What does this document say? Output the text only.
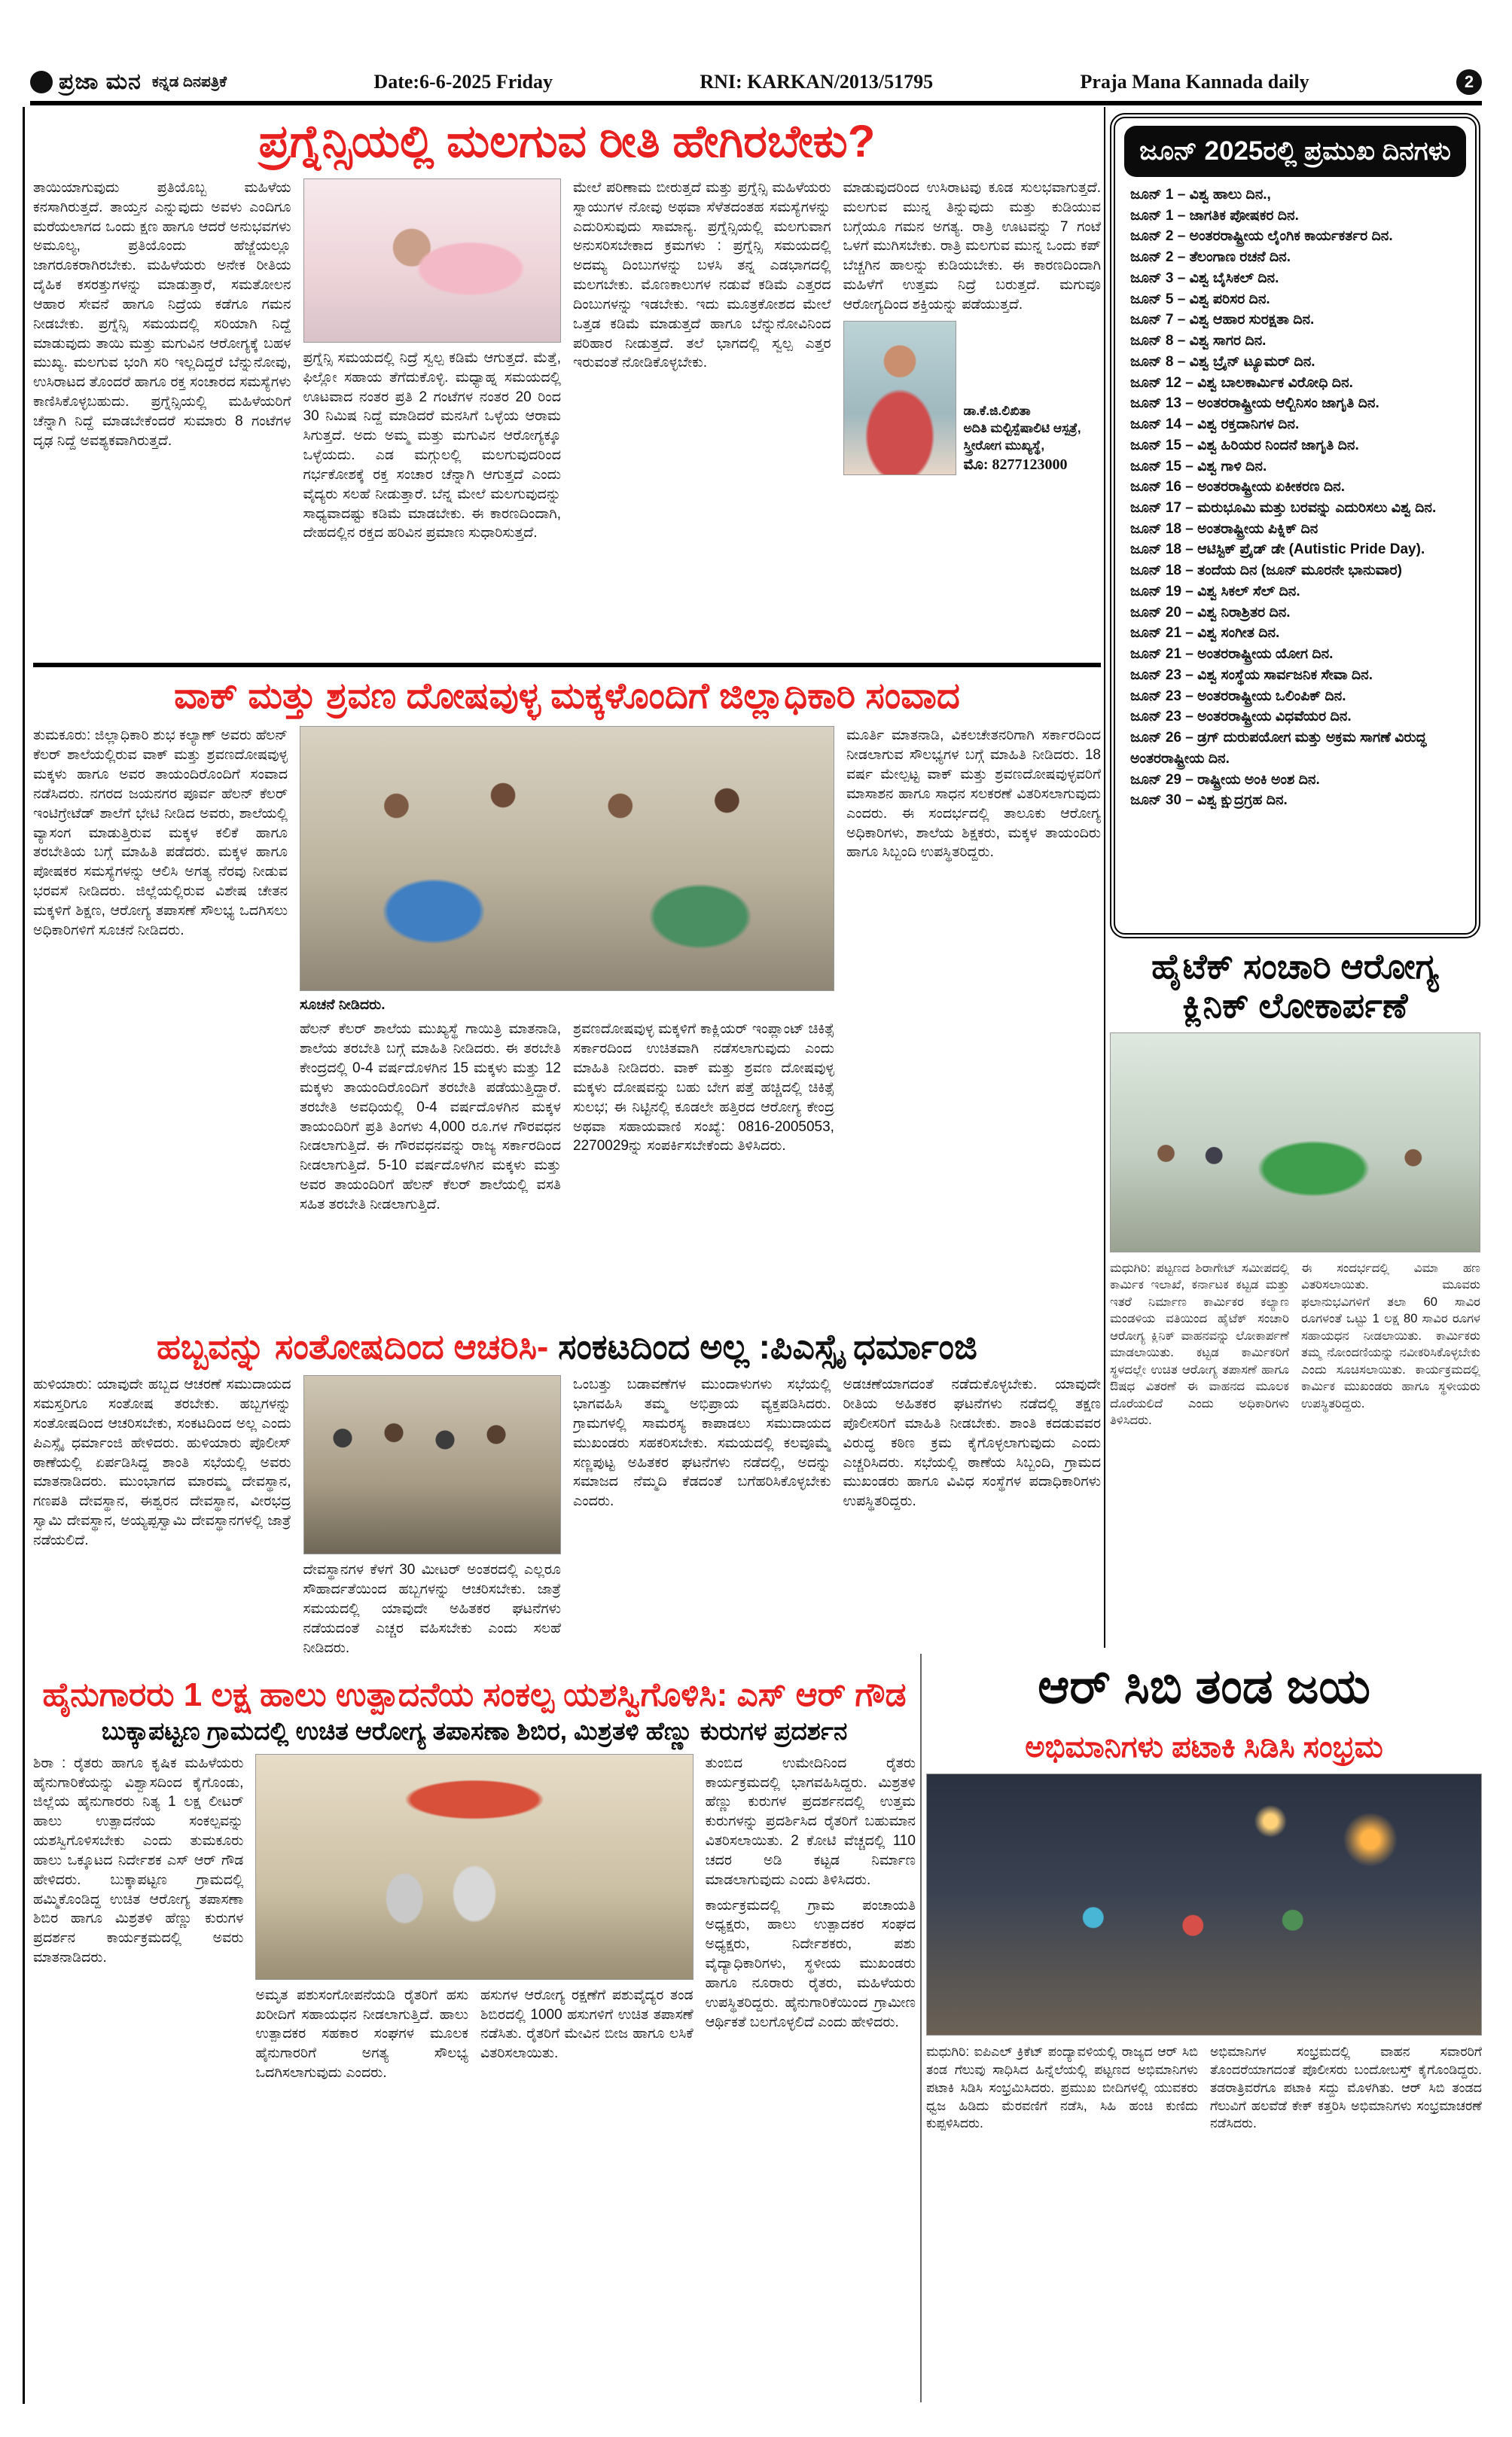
ಪ್ರಜಾ ಮನ ಕನ್ನಡ ದಿನಪತ್ರಿಕೆ	Date:6-6-2025 Friday	RNI: KARKAN/2013/51795	Praja Mana Kannada daily	2
ಪ್ರಗ್ನೆನ್ಸಿಯಲ್ಲಿ ಮಲಗುವ ರೀತಿ ಹೇಗಿರಬೇಕು?

ತಾಯಿಯಾಗುವುದು ಪ್ರತಿಯೊಬ್ಬ ಮಹಿಳೆಯ ಕನಸಾಗಿರುತ್ತದೆ. ತಾಯ್ತನ ಎನ್ನುವುದು ಅವಳು ಎಂದಿಗೂ ಮರೆಯಲಾಗದ ಒಂದು ಕ್ಷಣ ಹಾಗೂ ಆದರೆ ಅನುಭವಗಳು ಅಮೂಲ್ಯ, ಪ್ರತಿಯೊಂದು ಹೆಜ್ಜೆಯಲ್ಲೂ ಜಾಗರೂಕರಾಗಿರಬೇಕು. ಮಹಿಳೆಯರು ಅನೇಕ ರೀತಿಯ ದೈಹಿಕ ಕಸರತ್ತುಗಳನ್ನು ಮಾಡುತ್ತಾರೆ, ಸಮತೋಲನ ಆಹಾರ ಸೇವನೆ ಹಾಗೂ ನಿದ್ರೆಯ ಕಡೆಗೂ ಗಮನ ನೀಡಬೇಕು. ಪ್ರಗ್ನೆನ್ಸಿ ಸಮಯದಲ್ಲಿ ಸರಿಯಾಗಿ ನಿದ್ದೆ ಮಾಡುವುದು ತಾಯಿ ಮತ್ತು ಮಗುವಿನ ಆರೋಗ್ಯಕ್ಕೆ ಬಹಳ ಮುಖ್ಯ. ಮಲಗುವ ಭಂಗಿ ಸರಿ ಇಲ್ಲದಿದ್ದರೆ ಬೆನ್ನುನೋವು, ಉಸಿರಾಟದ ತೊಂದರೆ ಹಾಗೂ ರಕ್ತ ಸಂಚಾರದ ಸಮಸ್ಯೆಗಳು ಕಾಣಿಸಿಕೊಳ್ಳಬಹುದು. ಪ್ರಗ್ನೆನ್ಸಿಯಲ್ಲಿ ಮಹಿಳೆಯರಿಗೆ ಚೆನ್ನಾಗಿ ನಿದ್ದೆ ಮಾಡಬೇಕೆಂದರೆ ಸುಮಾರು 8 ಗಂಟೆಗಳ ದೃಢ ನಿದ್ದೆ ಅವಶ್ಯಕವಾಗಿರುತ್ತದೆ.

ಪ್ರಗ್ನೆನ್ಸಿ ಸಮಯದಲ್ಲಿ ನಿದ್ರೆ ಸ್ವಲ್ಪ ಕಡಿಮೆ ಆಗುತ್ತದೆ. ಮೆತ್ತೆ, ಫಿಲ್ಲೋ ಸಹಾಯ ತೆಗೆದುಕೊಳ್ಳಿ. ಮಧ್ಯಾಹ್ನ ಸಮಯದಲ್ಲಿ ಊಟವಾದ ನಂತರ ಪ್ರತಿ 2 ಗಂಟೆಗಳ ನಂತರ 20 ರಿಂದ 30 ನಿಮಿಷ ನಿದ್ದೆ ಮಾಡಿದರೆ ಮನಸಿಗೆ ಒಳ್ಳೆಯ ಆರಾಮ ಸಿಗುತ್ತದೆ. ಅದು ಅಮ್ಮ ಮತ್ತು ಮಗುವಿನ ಆರೋಗ್ಯಕ್ಕೂ ಒಳ್ಳೆಯದು. ಎಡ ಮಗ್ಗುಲಲ್ಲಿ ಮಲಗುವುದರಿಂದ ಗರ್ಭಕೋಶಕ್ಕೆ ರಕ್ತ ಸಂಚಾರ ಚೆನ್ನಾಗಿ ಆಗುತ್ತದೆ ಎಂದು ವೈದ್ಯರು ಸಲಹೆ ನೀಡುತ್ತಾರೆ. ಬೆನ್ನ ಮೇಲೆ ಮಲಗುವುದನ್ನು ಸಾಧ್ಯವಾದಷ್ಟು ಕಡಿಮೆ ಮಾಡಬೇಕು. ಈ ಕಾರಣದಿಂದಾಗಿ, ದೇಹದಲ್ಲಿನ ರಕ್ತದ ಹರಿವಿನ ಪ್ರಮಾಣ ಸುಧಾರಿಸುತ್ತದೆ.

ಮೇಲೆ ಪರಿಣಾಮ ಬೀರುತ್ತದೆ ಮತ್ತು ಪ್ರಗ್ನೆನ್ಸಿ ಮಹಿಳೆಯರು ಸ್ನಾಯುಗಳ ನೋವು ಅಥವಾ ಸೆಳೆತದಂತಹ ಸಮಸ್ಯೆಗಳನ್ನು ಎದುರಿಸುವುದು ಸಾಮಾನ್ಯ. ಪ್ರಗ್ನೆನ್ಸಿಯಲ್ಲಿ ಮಲಗುವಾಗ ಅನುಸರಿಸಬೇಕಾದ ಕ್ರಮಗಳು : ಪ್ರಗ್ನೆನ್ಸಿ ಸಮಯದಲ್ಲಿ ಅದಮ್ಯ ದಿಂಬುಗಳನ್ನು ಬಳಸಿ ತನ್ನ ಎಡಭಾಗದಲ್ಲಿ ಮಲಗಬೇಕು. ಮೊಣಕಾಲುಗಳ ನಡುವೆ ಕಡಿಮೆ ಎತ್ತರದ ದಿಂಬುಗಳನ್ನು ಇಡಬೇಕು. ಇದು ಮೂತ್ರಕೋಶದ ಮೇಲೆ ಒತ್ತಡ ಕಡಿಮೆ ಮಾಡುತ್ತದೆ ಹಾಗೂ ಬೆನ್ನುನೋವಿನಿಂದ ಪರಿಹಾರ ನೀಡುತ್ತದೆ. ತಲೆ ಭಾಗದಲ್ಲಿ ಸ್ವಲ್ಪ ಎತ್ತರ ಇರುವಂತೆ ನೋಡಿಕೊಳ್ಳಬೇಕು.

ಮಾಡುವುದರಿಂದ ಉಸಿರಾಟವು ಕೂಡ ಸುಲಭವಾಗುತ್ತದೆ. ಮಲಗುವ ಮುನ್ನ ತಿನ್ನುವುದು ಮತ್ತು ಕುಡಿಯುವ ಬಗ್ಗೆಯೂ ಗಮನ ಅಗತ್ಯ. ರಾತ್ರಿ ಊಟವನ್ನು 7 ಗಂಟೆ ಒಳಗೆ ಮುಗಿಸಬೇಕು. ರಾತ್ರಿ ಮಲಗುವ ಮುನ್ನ ಒಂದು ಕಪ್ ಬೆಚ್ಚಗಿನ ಹಾಲನ್ನು ಕುಡಿಯಬೇಕು. ಈ ಕಾರಣದಿಂದಾಗಿ ಮಹಿಳೆಗೆ ಉತ್ತಮ ನಿದ್ರೆ ಬರುತ್ತದೆ. ಮಗುವೂ ಆರೋಗ್ಯದಿಂದ ಶಕ್ತಿಯನ್ನು ಪಡೆಯುತ್ತದೆ.

ಡಾ.ಕೆ.ಜಿ.ಲಿಖಿತಾ
ಅದಿತಿ ಮಲ್ಟಿಸ್ಪೆಷಾಲಿಟಿ ಆಸ್ಪತ್ರೆ,
ಸ್ತ್ರೀರೋಗ ಮುಖ್ಯಸ್ಥೆ,
ಮೊ: 8277123000
ಜೂನ್ 2025ರಲ್ಲಿ ಪ್ರಮುಖ ದಿನಗಳು
ಜೂನ್ 1 – ವಿಶ್ವ ಹಾಲು ದಿನ.,
ಜೂನ್ 1 – ಜಾಗತಿಕ ಪೋಷಕರ ದಿನ.
ಜೂನ್ 2 – ಅಂತರರಾಷ್ಟ್ರೀಯ ಲೈಂಗಿಕ ಕಾರ್ಯಕರ್ತರ ದಿನ.
ಜೂನ್ 2 – ತೆಲಂಗಾಣ ರಚನೆ ದಿನ.
ಜೂನ್ 3 – ವಿಶ್ವ ಬೈಸಿಕಲ್ ದಿನ.
ಜೂನ್ 5 – ವಿಶ್ವ ಪರಿಸರ ದಿನ.
ಜೂನ್ 7 – ವಿಶ್ವ ಆಹಾರ ಸುರಕ್ಷತಾ ದಿನ.
ಜೂನ್ 8 – ವಿಶ್ವ ಸಾಗರ ದಿನ.
ಜೂನ್ 8 – ವಿಶ್ವ ಬ್ರೈನ್ ಟ್ಯೂಮರ್ ದಿನ.
ಜೂನ್ 12 – ವಿಶ್ವ ಬಾಲಕಾರ್ಮಿಕ ವಿರೋಧಿ ದಿನ.
ಜೂನ್ 13 – ಅಂತರರಾಷ್ಟ್ರೀಯ ಆಲ್ಬಿನಿಸಂ ಜಾಗೃತಿ ದಿನ.
ಜೂನ್ 14 – ವಿಶ್ವ ರಕ್ತದಾನಿಗಳ ದಿನ.
ಜೂನ್ 15 – ವಿಶ್ವ ಹಿರಿಯರ ನಿಂದನೆ ಜಾಗೃತಿ ದಿನ.
ಜೂನ್ 15 – ವಿಶ್ವ ಗಾಳಿ ದಿನ.
ಜೂನ್ 16 – ಅಂತರರಾಷ್ಟ್ರೀಯ ಏಕೀಕರಣ ದಿನ.
ಜೂನ್ 17 – ಮರುಭೂಮಿ ಮತ್ತು ಬರವನ್ನು ಎದುರಿಸಲು ವಿಶ್ವ ದಿನ.
ಜೂನ್ 18 – ಅಂತರಾಷ್ಟ್ರೀಯ ಪಿಕ್ನಿಕ್ ದಿನ
ಜೂನ್ 18 – ಆಟಿಸ್ಟಿಕ್ ಪ್ರೈಡ್ ಡೇ (Autistic Pride Day).
ಜೂನ್ 18 – ತಂದೆಯ ದಿನ (ಜೂನ್ ಮೂರನೇ ಭಾನುವಾರ)
ಜೂನ್ 19 – ವಿಶ್ವ ಸಿಕಲ್ ಸೆಲ್ ದಿನ.
ಜೂನ್ 20 – ವಿಶ್ವ ನಿರಾಶ್ರಿತರ ದಿನ.
ಜೂನ್ 21 – ವಿಶ್ವ ಸಂಗೀತ ದಿನ.
ಜೂನ್ 21 – ಅಂತರರಾಷ್ಟ್ರೀಯ ಯೋಗ ದಿನ.
ಜೂನ್ 23 – ವಿಶ್ವ ಸಂಸ್ಥೆಯ ಸಾರ್ವಜನಿಕ ಸೇವಾ ದಿನ.
ಜೂನ್ 23 – ಅಂತರರಾಷ್ಟ್ರೀಯ ಒಲಿಂಪಿಕ್ ದಿನ.
ಜೂನ್ 23 – ಅಂತರರಾಷ್ಟ್ರೀಯ ವಿಧವೆಯರ ದಿನ.
ಜೂನ್ 26 – ಡ್ರಗ್ ದುರುಪಯೋಗ ಮತ್ತು ಅಕ್ರಮ ಸಾಗಣೆ ವಿರುದ್ಧ ಅಂತರರಾಷ್ಟ್ರೀಯ ದಿನ.
ಜೂನ್ 29 – ರಾಷ್ಟ್ರೀಯ ಅಂಕಿ ಅಂಶ ದಿನ.
ಜೂನ್ 30 – ವಿಶ್ವ ಕ್ಷುದ್ರಗ್ರಹ ದಿನ.
ವಾಕ್ ಮತ್ತು ಶ್ರವಣ ದೋಷವುಳ್ಳ ಮಕ್ಕಳೊಂದಿಗೆ ಜಿಲ್ಲಾಧಿಕಾರಿ ಸಂವಾದ

ತುಮಕೂರು: ಜಿಲ್ಲಾಧಿಕಾರಿ ಶುಭ ಕಲ್ಯಾಣ್ ಅವರು ಹೆಲನ್ ಕೆಲರ್ ಶಾಲೆಯಲ್ಲಿರುವ ವಾಕ್ ಮತ್ತು ಶ್ರವಣದೋಷವುಳ್ಳ ಮಕ್ಕಳು ಹಾಗೂ ಅವರ ತಾಯಂದಿರೊಂದಿಗೆ ಸಂವಾದ ನಡೆಸಿದರು. ನಗರದ ಜಯನಗರ ಪೂರ್ವ ಹೆಲನ್ ಕೆಲರ್ ಇಂಟಿಗ್ರೇಟೆಡ್ ಶಾಲೆಗೆ ಭೇಟಿ ನೀಡಿದ ಅವರು, ಶಾಲೆಯಲ್ಲಿ ವ್ಯಾಸಂಗ ಮಾಡುತ್ತಿರುವ ಮಕ್ಕಳ ಕಲಿಕೆ ಹಾಗೂ ತರಬೇತಿಯ ಬಗ್ಗೆ ಮಾಹಿತಿ ಪಡೆದರು. ಮಕ್ಕಳ ಹಾಗೂ ಪೋಷಕರ ಸಮಸ್ಯೆಗಳನ್ನು ಆಲಿಸಿ ಅಗತ್ಯ ನೆರವು ನೀಡುವ ಭರವಸೆ ನೀಡಿದರು. ಜಿಲ್ಲೆಯಲ್ಲಿರುವ ವಿಶೇಷ ಚೇತನ ಮಕ್ಕಳಿಗೆ ಶಿಕ್ಷಣ, ಆರೋಗ್ಯ ತಪಾಸಣೆ ಸೌಲಭ್ಯ ಒದಗಿಸಲು ಅಧಿಕಾರಿಗಳಿಗೆ ಸೂಚನೆ ನೀಡಿದರು.

ಸೂಚನೆ ನೀಡಿದರು.

ಹೆಲನ್ ಕೆಲರ್ ಶಾಲೆಯ ಮುಖ್ಯಸ್ಥೆ ಗಾಯಿತ್ರಿ ಮಾತನಾಡಿ, ಶಾಲೆಯ ತರಬೇತಿ ಬಗ್ಗೆ ಮಾಹಿತಿ ನೀಡಿದರು. ಈ ತರಬೇತಿ ಕೇಂದ್ರದಲ್ಲಿ 0-4 ವರ್ಷದೊಳಗಿನ 15 ಮಕ್ಕಳು ಮತ್ತು 12 ಮಕ್ಕಳು ತಾಯಂದಿರೊಂದಿಗೆ ತರಬೇತಿ ಪಡೆಯುತ್ತಿದ್ದಾರೆ. ತರಬೇತಿ ಅವಧಿಯಲ್ಲಿ 0-4 ವರ್ಷದೊಳಗಿನ ಮಕ್ಕಳ ತಾಯಂದಿರಿಗೆ ಪ್ರತಿ ತಿಂಗಳು 4,000 ರೂ.ಗಳ ಗೌರವಧನ ನೀಡಲಾಗುತ್ತಿದೆ. ಈ ಗೌರವಧನವನ್ನು ರಾಜ್ಯ ಸರ್ಕಾರದಿಂದ ನೀಡಲಾಗುತ್ತಿದೆ. 5-10 ವರ್ಷದೊಳಗಿನ ಮಕ್ಕಳು ಮತ್ತು ಅವರ ತಾಯಂದಿರಿಗೆ ಹೆಲನ್ ಕೆಲರ್ ಶಾಲೆಯಲ್ಲಿ ವಸತಿ ಸಹಿತ ತರಬೇತಿ ನೀಡಲಾಗುತ್ತಿದೆ.

ಶ್ರವಣದೋಷವುಳ್ಳ ಮಕ್ಕಳಿಗೆ ಕಾಕ್ಲಿಯರ್ ಇಂಪ್ಲಾಂಟ್ ಚಿಕಿತ್ಸೆ ಸರ್ಕಾರದಿಂದ ಉಚಿತವಾಗಿ ನಡೆಸಲಾಗುವುದು ಎಂದು ಮಾಹಿತಿ ನೀಡಿದರು. ವಾಕ್ ಮತ್ತು ಶ್ರವಣ ದೋಷವುಳ್ಳ ಮಕ್ಕಳು ದೋಷವನ್ನು ಬಹು ಬೇಗ ಪತ್ತೆ ಹಚ್ಚಿದಲ್ಲಿ ಚಿಕಿತ್ಸೆ ಸುಲಭ; ಈ ನಿಟ್ಟಿನಲ್ಲಿ ಕೂಡಲೇ ಹತ್ತಿರದ ಆರೋಗ್ಯ ಕೇಂದ್ರ ಅಥವಾ ಸಹಾಯವಾಣಿ ಸಂಖ್ಯೆ: 0816-2005053, 2270029ನ್ನು ಸಂಪರ್ಕಿಸಬೇಕೆಂದು ತಿಳಿಸಿದರು.

ಮೂರ್ತಿ ಮಾತನಾಡಿ, ವಿಕಲಚೇತನರಿಗಾಗಿ ಸರ್ಕಾರದಿಂದ ನೀಡಲಾಗುವ ಸೌಲಭ್ಯಗಳ ಬಗ್ಗೆ ಮಾಹಿತಿ ನೀಡಿದರು. 18 ವರ್ಷ ಮೇಲ್ಪಟ್ಟ ವಾಕ್ ಮತ್ತು ಶ್ರವಣದೋಷವುಳ್ಳವರಿಗೆ ಮಾಸಾಶನ ಹಾಗೂ ಸಾಧನ ಸಲಕರಣೆ ವಿತರಿಸಲಾಗುವುದು ಎಂದರು. ಈ ಸಂದರ್ಭದಲ್ಲಿ ತಾಲೂಕು ಆರೋಗ್ಯ ಅಧಿಕಾರಿಗಳು, ಶಾಲೆಯ ಶಿಕ್ಷಕರು, ಮಕ್ಕಳ ತಾಯಂದಿರು ಹಾಗೂ ಸಿಬ್ಬಂದಿ ಉಪಸ್ಥಿತರಿದ್ದರು.

ಹೈಟೆಕ್ ಸಂಚಾರಿ ಆರೋಗ್ಯ
ಕ್ಲಿನಿಕ್ ಲೋಕಾರ್ಪಣೆ

ಮಧುಗಿರಿ: ಪಟ್ಟಣದ ಶಿರಾಗೇಟ್ ಸಮೀಪದಲ್ಲಿ ಕಾರ್ಮಿಕ ಇಲಾಖೆ, ಕರ್ನಾಟಕ ಕಟ್ಟಡ ಮತ್ತು ಇತರೆ ನಿರ್ಮಾಣ ಕಾರ್ಮಿಕರ ಕಲ್ಯಾಣ ಮಂಡಳಿಯ ವತಿಯಿಂದ ಹೈಟೆಕ್ ಸಂಚಾರಿ ಆರೋಗ್ಯ ಕ್ಲಿನಿಕ್ ವಾಹನವನ್ನು ಲೋಕಾರ್ಪಣೆ ಮಾಡಲಾಯಿತು. ಕಟ್ಟಡ ಕಾರ್ಮಿಕರಿಗೆ ಸ್ಥಳದಲ್ಲೇ ಉಚಿತ ಆರೋಗ್ಯ ತಪಾಸಣೆ ಹಾಗೂ ಔಷಧ ವಿತರಣೆ ಈ ವಾಹನದ ಮೂಲಕ ದೊರೆಯಲಿದೆ ಎಂದು ಅಧಿಕಾರಿಗಳು ತಿಳಿಸಿದರು.

ಈ ಸಂದರ್ಭದಲ್ಲಿ ವಿಮಾ ಹಣ ವಿತರಿಸಲಾಯಿತು. ಮೂವರು ಫಲಾನುಭವಿಗಳಿಗೆ ತಲಾ 60 ಸಾವಿರ ರೂಗಳಂತೆ ಒಟ್ಟು 1 ಲಕ್ಷ 80 ಸಾವಿರ ರೂಗಳ ಸಹಾಯಧನ ನೀಡಲಾಯಿತು. ಕಾರ್ಮಿಕರು ತಮ್ಮ ನೋಂದಣಿಯನ್ನು ನವೀಕರಿಸಿಕೊಳ್ಳಬೇಕು ಎಂದು ಸೂಚಿಸಲಾಯಿತು. ಕಾರ್ಯಕ್ರಮದಲ್ಲಿ ಕಾರ್ಮಿಕ ಮುಖಂಡರು ಹಾಗೂ ಸ್ಥಳೀಯರು ಉಪಸ್ಥಿತರಿದ್ದರು.

ಹಬ್ಬವನ್ನು ಸಂತೋಷದಿಂದ ಆಚರಿಸಿ- ಸಂಕಟದಿಂದ ಅಲ್ಲ :ಪಿಎಸ್ಸೈ ಧರ್ಮಾಂಜಿ

ಹುಳಿಯಾರು: ಯಾವುದೇ ಹಬ್ಬದ ಆಚರಣೆ ಸಮುದಾಯದ ಸಮಸ್ತರಿಗೂ ಸಂತೋಷ ತರಬೇಕು. ಹಬ್ಬಗಳನ್ನು ಸಂತೋಷದಿಂದ ಆಚರಿಸಬೇಕು, ಸಂಕಟದಿಂದ ಅಲ್ಲ ಎಂದು ಪಿಎಸ್ಸೈ ಧರ್ಮಾಂಜಿ ಹೇಳಿದರು. ಹುಳಿಯಾರು ಪೊಲೀಸ್ ಠಾಣೆಯಲ್ಲಿ ಏರ್ಪಡಿಸಿದ್ದ ಶಾಂತಿ ಸಭೆಯಲ್ಲಿ ಅವರು ಮಾತನಾಡಿದರು. ಮುಂಭಾಗದ ಮಾರಮ್ಮ ದೇವಸ್ಥಾನ, ಗಣಪತಿ ದೇವಸ್ಥಾನ, ಈಶ್ವರನ ದೇವಸ್ಥಾನ, ವೀರಭದ್ರ ಸ್ವಾಮಿ ದೇವಸ್ಥಾನ, ಅಯ್ಯಪ್ಪಸ್ವಾಮಿ ದೇವಸ್ಥಾನಗಳಲ್ಲಿ ಜಾತ್ರೆ ನಡೆಯಲಿದೆ.

ದೇವಸ್ಥಾನಗಳ ಕೆಳಗೆ 30 ಮೀಟರ್ ಅಂತರದಲ್ಲಿ ಎಲ್ಲರೂ ಸೌಹಾರ್ದತೆಯಿಂದ ಹಬ್ಬಗಳನ್ನು ಆಚರಿಸಬೇಕು. ಜಾತ್ರೆ ಸಮಯದಲ್ಲಿ ಯಾವುದೇ ಅಹಿತಕರ ಘಟನೆಗಳು ನಡೆಯದಂತೆ ಎಚ್ಚರ ವಹಿಸಬೇಕು ಎಂದು ಸಲಹೆ ನೀಡಿದರು.

ಒಂಬತ್ತು ಬಡಾವಣೆಗಳ ಮುಂದಾಳುಗಳು ಸಭೆಯಲ್ಲಿ ಭಾಗವಹಿಸಿ ತಮ್ಮ ಅಭಿಪ್ರಾಯ ವ್ಯಕ್ತಪಡಿಸಿದರು. ಗ್ರಾಮಗಳಲ್ಲಿ ಸಾಮರಸ್ಯ ಕಾಪಾಡಲು ಸಮುದಾಯದ ಮುಖಂಡರು ಸಹಕರಿಸಬೇಕು. ಸಮಯದಲ್ಲಿ ಕಲವೂಮ್ಮೆ ಸಣ್ಣಪುಟ್ಟ ಅಹಿತಕರ ಘಟನೆಗಳು ನಡೆದಲ್ಲಿ, ಅದನ್ನು ಸಮಾಜದ ನೆಮ್ಮದಿ ಕೆಡದಂತೆ ಬಗೆಹರಿಸಿಕೊಳ್ಳಬೇಕು ಎಂದರು.

ಅಡಚಣೆಯಾಗದಂತೆ ನಡೆದುಕೊಳ್ಳಬೇಕು. ಯಾವುದೇ ರೀತಿಯ ಅಹಿತಕರ ಘಟನೆಗಳು ನಡೆದಲ್ಲಿ ತಕ್ಷಣ ಪೊಲೀಸರಿಗೆ ಮಾಹಿತಿ ನೀಡಬೇಕು. ಶಾಂತಿ ಕದಡುವವರ ವಿರುದ್ಧ ಕಠಿಣ ಕ್ರಮ ಕೈಗೊಳ್ಳಲಾಗುವುದು ಎಂದು ಎಚ್ಚರಿಸಿದರು. ಸಭೆಯಲ್ಲಿ ಠಾಣೆಯ ಸಿಬ್ಬಂದಿ, ಗ್ರಾಮದ ಮುಖಂಡರು ಹಾಗೂ ವಿವಿಧ ಸಂಸ್ಥೆಗಳ ಪದಾಧಿಕಾರಿಗಳು ಉಪಸ್ಥಿತರಿದ್ದರು.

ಹೈನುಗಾರರು 1 ಲಕ್ಷ ಹಾಲು ಉತ್ಪಾದನೆಯ ಸಂಕಲ್ಪ ಯಶಸ್ವಿಗೊಳಿಸಿ: ಎಸ್ ಆರ್ ಗೌಡ
ಬುಕ್ಕಾಪಟ್ಟಣ ಗ್ರಾಮದಲ್ಲಿ ಉಚಿತ ಆರೋಗ್ಯ ತಪಾಸಣಾ ಶಿಬಿರ, ಮಿಶ್ರತಳಿ ಹೆಣ್ಣು ಕುರುಗಳ ಪ್ರದರ್ಶನ

ಶಿರಾ : ರೈತರು ಹಾಗೂ ಕೃಷಿಕ ಮಹಿಳೆಯರು ಹೈನುಗಾರಿಕೆಯನ್ನು ವಿಶ್ವಾಸದಿಂದ ಕೈಗೊಂಡು, ಜಿಲ್ಲೆಯ ಹೈನುಗಾರರು ನಿತ್ಯ 1 ಲಕ್ಷ ಲೀಟರ್ ಹಾಲು ಉತ್ಪಾದನೆಯ ಸಂಕಲ್ಪವನ್ನು ಯಶಸ್ವಿಗೊಳಿಸಬೇಕು ಎಂದು ತುಮಕೂರು ಹಾಲು ಒಕ್ಕೂಟದ ನಿರ್ದೇಶಕ ಎಸ್ ಆರ್ ಗೌಡ ಹೇಳಿದರು. ಬುಕ್ಕಾಪಟ್ಟಣ ಗ್ರಾಮದಲ್ಲಿ ಹಮ್ಮಿಕೊಂಡಿದ್ದ ಉಚಿತ ಆರೋಗ್ಯ ತಪಾಸಣಾ ಶಿಬಿರ ಹಾಗೂ ಮಿಶ್ರತಳಿ ಹೆಣ್ಣು ಕುರುಗಳ ಪ್ರದರ್ಶನ ಕಾರ್ಯಕ್ರಮದಲ್ಲಿ ಅವರು ಮಾತನಾಡಿದರು.

ಅಮೃತ ಪಶುಸಂಗೋಪನೆಯಡಿ ರೈತರಿಗೆ ಹಸು ಖರೀದಿಗೆ ಸಹಾಯಧನ ನೀಡಲಾಗುತ್ತಿದೆ. ಹಾಲು ಉತ್ಪಾದಕರ ಸಹಕಾರ ಸಂಘಗಳ ಮೂಲಕ ಹೈನುಗಾರರಿಗೆ ಅಗತ್ಯ ಸೌಲಭ್ಯ ಒದಗಿಸಲಾಗುವುದು ಎಂದರು.

ಹಸುಗಳ ಆರೋಗ್ಯ ರಕ್ಷಣೆಗೆ ಪಶುವೈದ್ಯರ ತಂಡ ಶಿಬಿರದಲ್ಲಿ 1000 ಹಸುಗಳಿಗೆ ಉಚಿತ ತಪಾಸಣೆ ನಡೆಸಿತು. ರೈತರಿಗೆ ಮೇವಿನ ಬೀಜ ಹಾಗೂ ಲಸಿಕೆ ವಿತರಿಸಲಾಯಿತು.

ತುಂಬಿದ ಉಮೇದಿನಿಂದ ರೈತರು ಕಾರ್ಯಕ್ರಮದಲ್ಲಿ ಭಾಗವಹಿಸಿದ್ದರು. ಮಿಶ್ರತಳಿ ಹೆಣ್ಣು ಕುರುಗಳ ಪ್ರದರ್ಶನದಲ್ಲಿ ಉತ್ತಮ ಕುರುಗಳನ್ನು ಪ್ರದರ್ಶಿಸಿದ ರೈತರಿಗೆ ಬಹುಮಾನ ವಿತರಿಸಲಾಯಿತು. 2 ಕೋಟಿ ವೆಚ್ಚದಲ್ಲಿ 110 ಚದರ ಅಡಿ ಕಟ್ಟಡ ನಿರ್ಮಾಣ ಮಾಡಲಾಗುವುದು ಎಂದು ತಿಳಿಸಿದರು.

ಕಾರ್ಯಕ್ರಮದಲ್ಲಿ ಗ್ರಾಮ ಪಂಚಾಯತಿ ಅಧ್ಯಕ್ಷರು, ಹಾಲು ಉತ್ಪಾದಕರ ಸಂಘದ ಅಧ್ಯಕ್ಷರು, ನಿರ್ದೇಶಕರು, ಪಶು ವೈದ್ಯಾಧಿಕಾರಿಗಳು, ಸ್ಥಳೀಯ ಮುಖಂಡರು ಹಾಗೂ ನೂರಾರು ರೈತರು, ಮಹಿಳೆಯರು ಉಪಸ್ಥಿತರಿದ್ದರು. ಹೈನುಗಾರಿಕೆಯಿಂದ ಗ್ರಾಮೀಣ ಆರ್ಥಿಕತೆ ಬಲಗೊಳ್ಳಲಿದೆ ಎಂದು ಹೇಳಿದರು.

ಆರ್ ಸಿಬಿ ತಂಡ ಜಯ
ಅಭಿಮಾನಿಗಳು ಪಟಾಕಿ ಸಿಡಿಸಿ ಸಂಭ್ರಮ

ಮಧುಗಿರಿ: ಐಪಿಎಲ್ ಕ್ರಿಕೆಟ್ ಪಂದ್ಯಾವಳಿಯಲ್ಲಿ ರಾಜ್ಯದ ಆರ್ ಸಿಬಿ ತಂಡ ಗೆಲುವು ಸಾಧಿಸಿದ ಹಿನ್ನೆಲೆಯಲ್ಲಿ ಪಟ್ಟಣದ ಅಭಿಮಾನಿಗಳು ಪಟಾಕಿ ಸಿಡಿಸಿ ಸಂಭ್ರಮಿಸಿದರು. ಪ್ರಮುಖ ಬೀದಿಗಳಲ್ಲಿ ಯುವಕರು ಧ್ವಜ ಹಿಡಿದು ಮೆರವಣಿಗೆ ನಡೆಸಿ, ಸಿಹಿ ಹಂಚಿ ಕುಣಿದು ಕುಪ್ಪಳಿಸಿದರು.

ಅಭಿಮಾನಿಗಳ ಸಂಭ್ರಮದಲ್ಲಿ ವಾಹನ ಸವಾರರಿಗೆ ತೊಂದರೆಯಾಗದಂತೆ ಪೊಲೀಸರು ಬಂದೋಬಸ್ತ್ ಕೈಗೊಂಡಿದ್ದರು. ತಡರಾತ್ರಿವರೆಗೂ ಪಟಾಕಿ ಸದ್ದು ಮೊಳಗಿತು. ಆರ್ ಸಿಬಿ ತಂಡದ ಗೆಲುವಿಗೆ ಹಲವೆಡೆ ಕೇಕ್ ಕತ್ತರಿಸಿ ಅಭಿಮಾನಿಗಳು ಸಂಭ್ರಮಾಚರಣೆ ನಡೆಸಿದರು.
